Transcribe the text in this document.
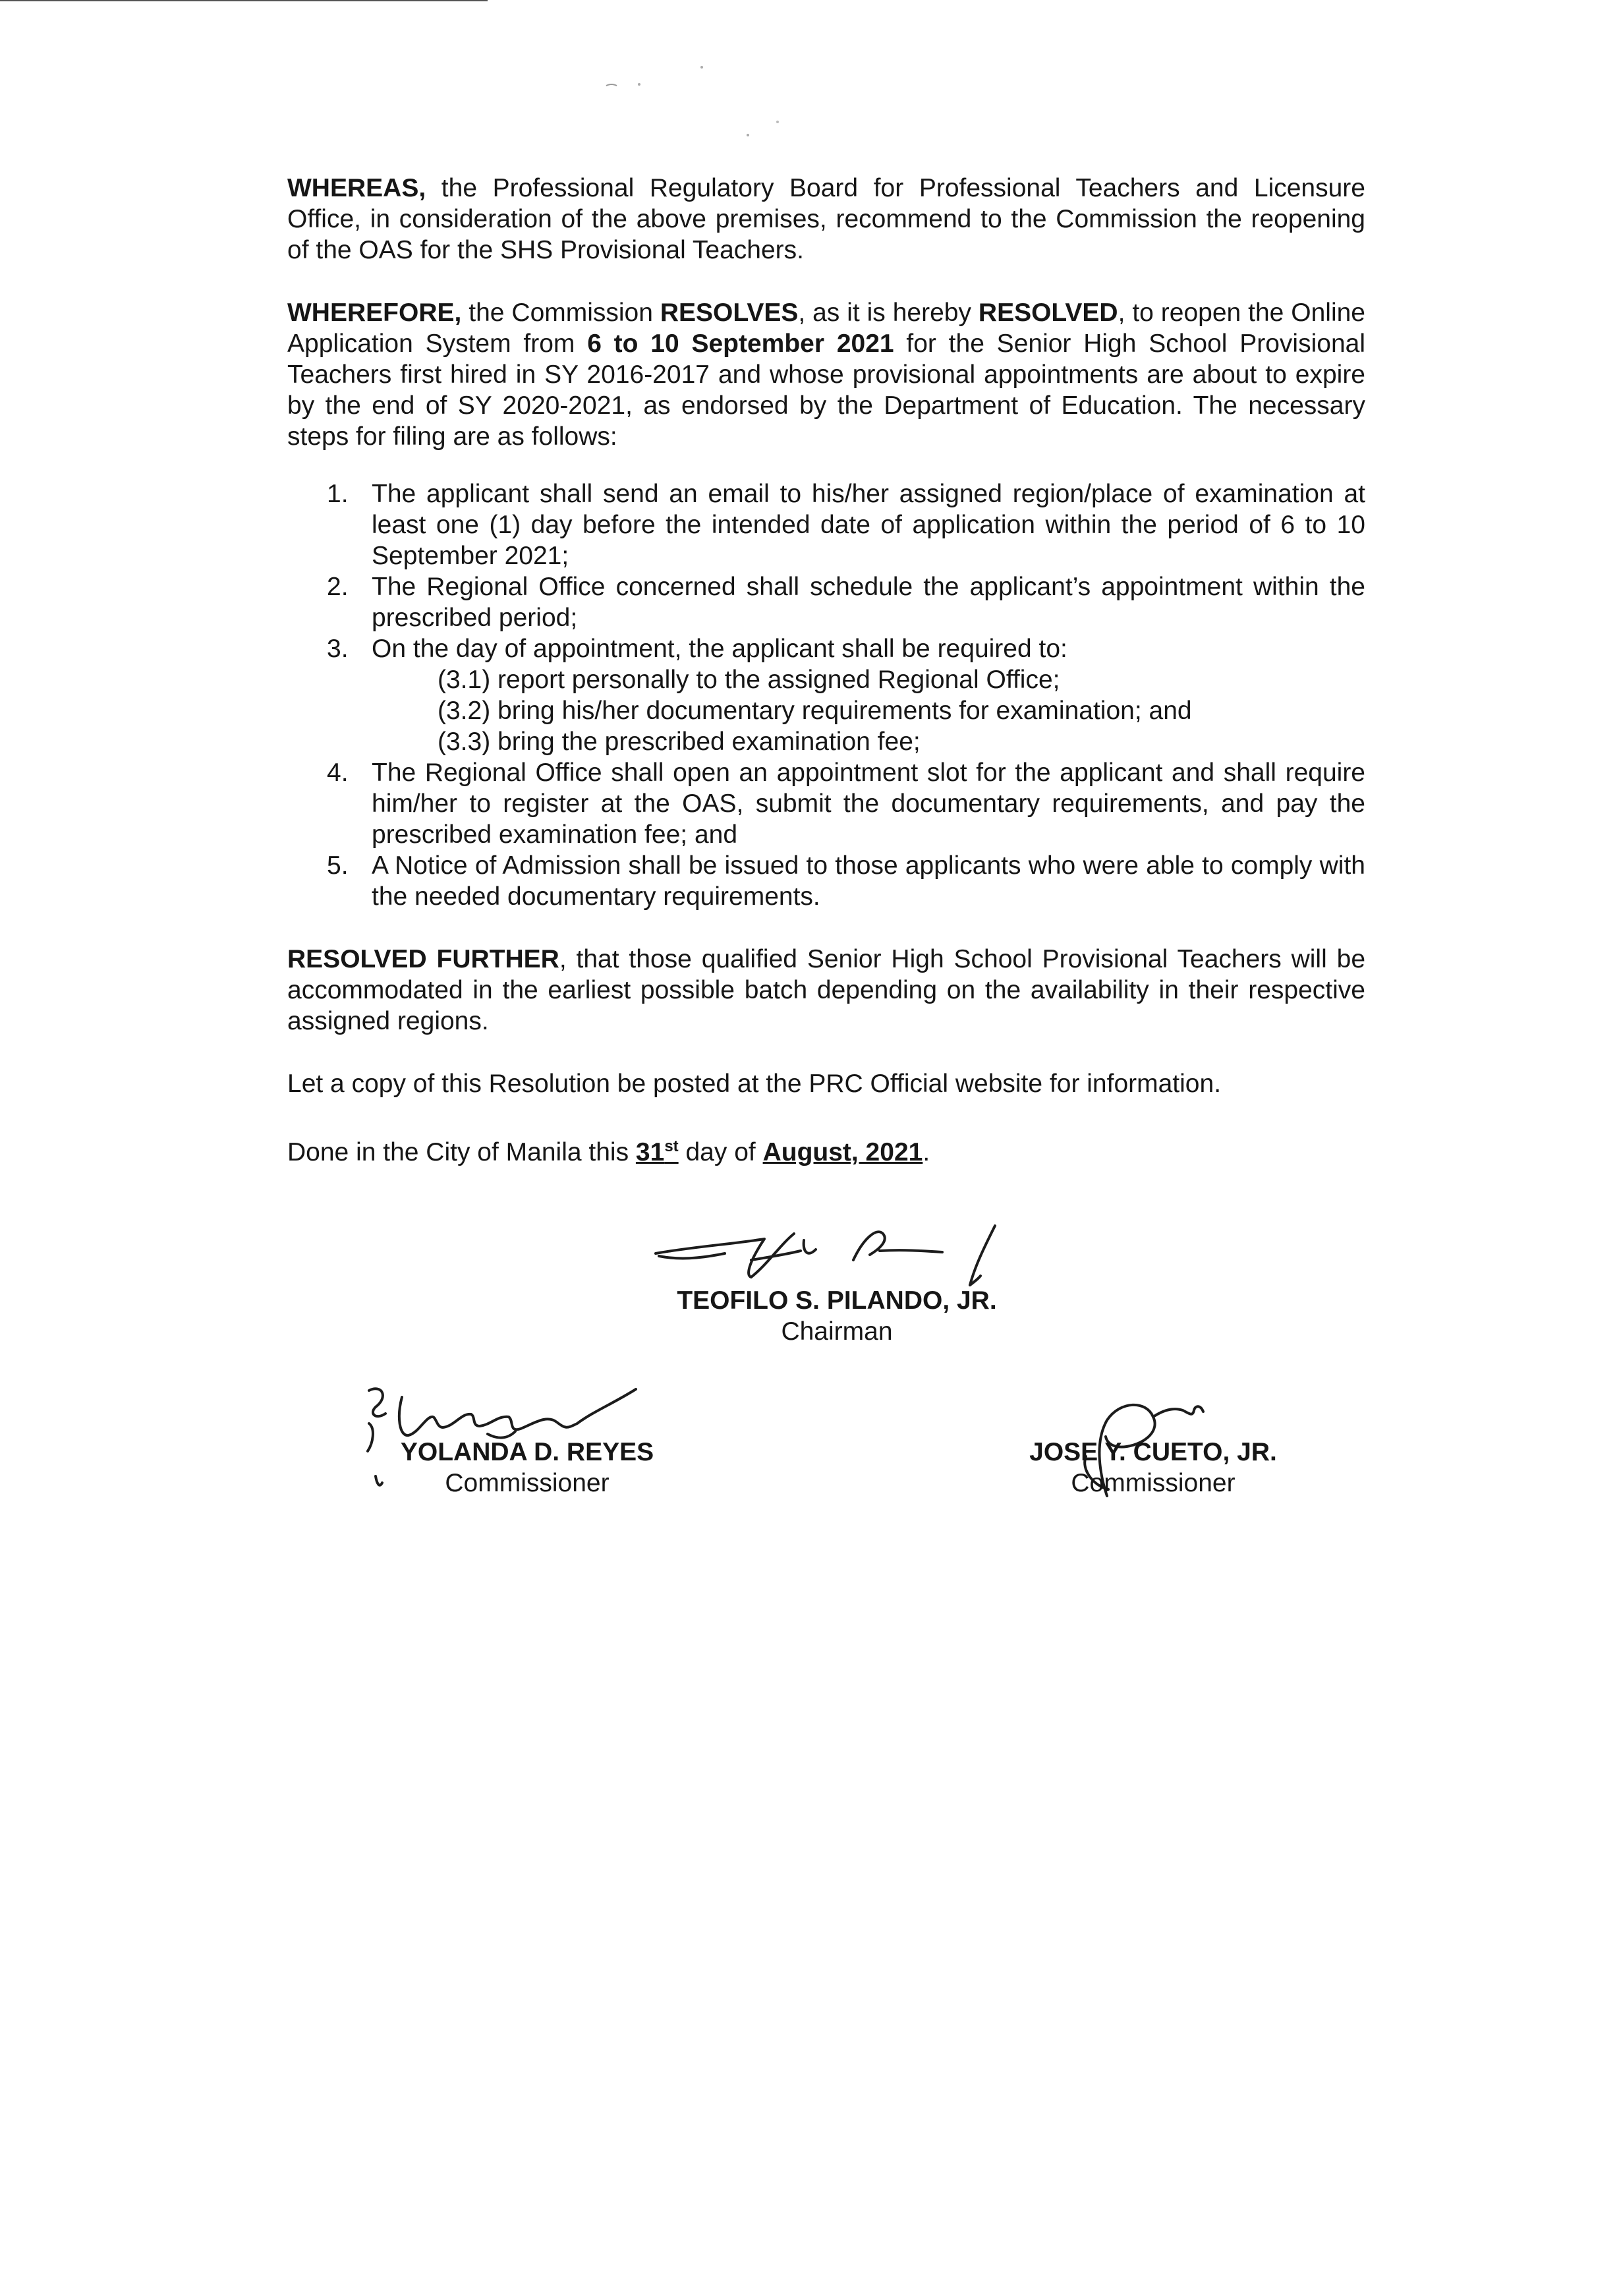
WHEREAS, the Professional Regulatory Board for Professional Teachers and Licensure Office, in consideration of the above premises, recommend to the Commission the reopening of the OAS for the SHS Provisional Teachers.

WHEREFORE, the Commission RESOLVES, as it is hereby RESOLVED, to reopen the Online Application System from 6 to 10 September 2021 for the Senior High School Provisional Teachers first hired in SY 2016-2017 and whose provisional appointments are about to expire by the end of SY 2020-2021, as endorsed by the Department of Education. The necessary steps for filing are as follows:

1. The applicant shall send an email to his/her assigned region/place of examination at least one (1) day before the intended date of application within the period of 6 to 10 September 2021;
2. The Regional Office concerned shall schedule the applicant’s appointment within the prescribed period;
3. On the day of appointment, the applicant shall be required to:
(3.1) report personally to the assigned Regional Office;
(3.2) bring his/her documentary requirements for examination; and
(3.3) bring the prescribed examination fee;
4. The Regional Office shall open an appointment slot for the applicant and shall require him/her to register at the OAS, submit the documentary requirements, and pay the prescribed examination fee; and
5. A Notice of Admission shall be issued to those applicants who were able to comply with the needed documentary requirements.

RESOLVED FURTHER, that those qualified Senior High School Provisional Teachers will be accommodated in the earliest possible batch depending on the availability in their respective assigned regions.

Let a copy of this Resolution be posted at the PRC Official website for information.

Done in the City of Manila this 31st day of August, 2021.

TEOFILO S. PILANDO, JR.
Chairman
YOLANDA D. REYES
Commissioner
JOSE Y. CUETO, JR.
Commissioner
